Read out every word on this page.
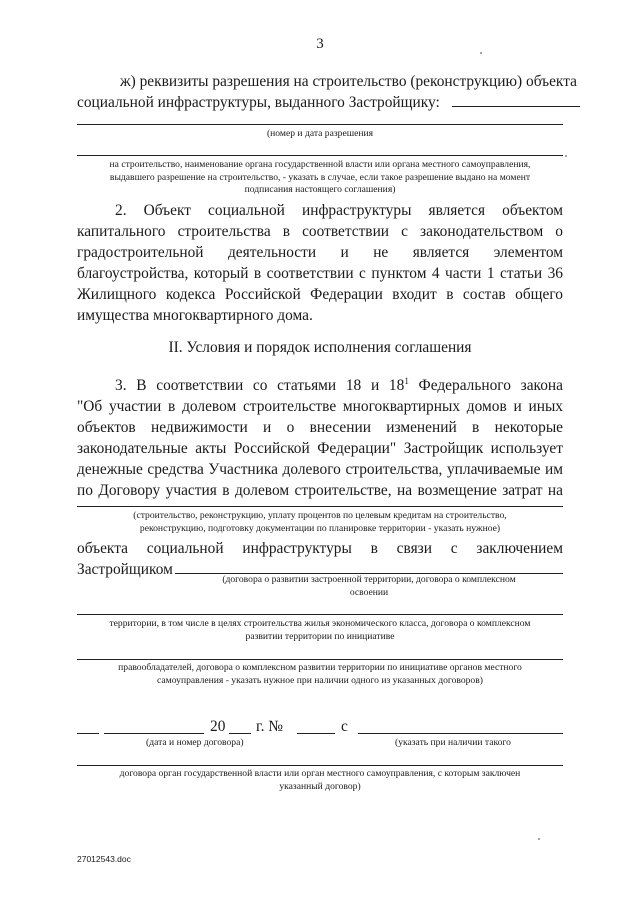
3
ж) реквизиты разрешения на строительство (реконструкцию) объекта
социальной инфраструктуры, выданного Застройщику:
(номер и дата разрешения
на строительство, наименование органа государственной власти или органа местного самоуправления,
выдавшего разрешение на строительство, - указать в случае, если такое разрешение выдано на момент
подписания настоящего соглашения)
2. Объект социальной инфраструктуры является объектом
капитального строительства в соответствии с законодательством о
градостроительной деятельности и не является элементом
благоустройства, который в соответствии с пунктом 4 части 1 статьи 36
Жилищного кодекса Российской Федерации входит в состав общего
имущества многоквартирного дома.
II. Условия и порядок исполнения соглашения
3. В соответствии со статьями 18 и $18^1$ Федерального закона
"Об участии в долевом строительстве многоквартирных домов и иных
объектов недвижимости и о внесении изменений в некоторые
законодательные акты Российской Федерации" Застройщик использует
денежные средства Участника долевого строительства, уплачиваемые им
по Договору участия в долевом строительстве, на возмещение затрат на
(строительство, реконструкцию, уплату процентов по целевым кредитам на строительство,
реконструкцию, подготовку документации по планировке территории - указать нужное)
объекта социальной инфраструктуры в связи с заключением
Застройщиком
(договора о развитии застроенной территории, договора о комплексном
освоении
территории, в том числе в целях строительства жилья экономического класса, договора о комплексном
развитии территории по инициативе
правообладателей, договора о комплексном развитии территории по инициативе органов местного
самоуправления - указать нужное при наличии одного из указанных договоров)
20 г. №	с
(дата и номер договора)	(указать при наличии такого
договора орган государственной власти или орган местного самоуправления, с которым заключен
указанный договор)
27012543.doc
